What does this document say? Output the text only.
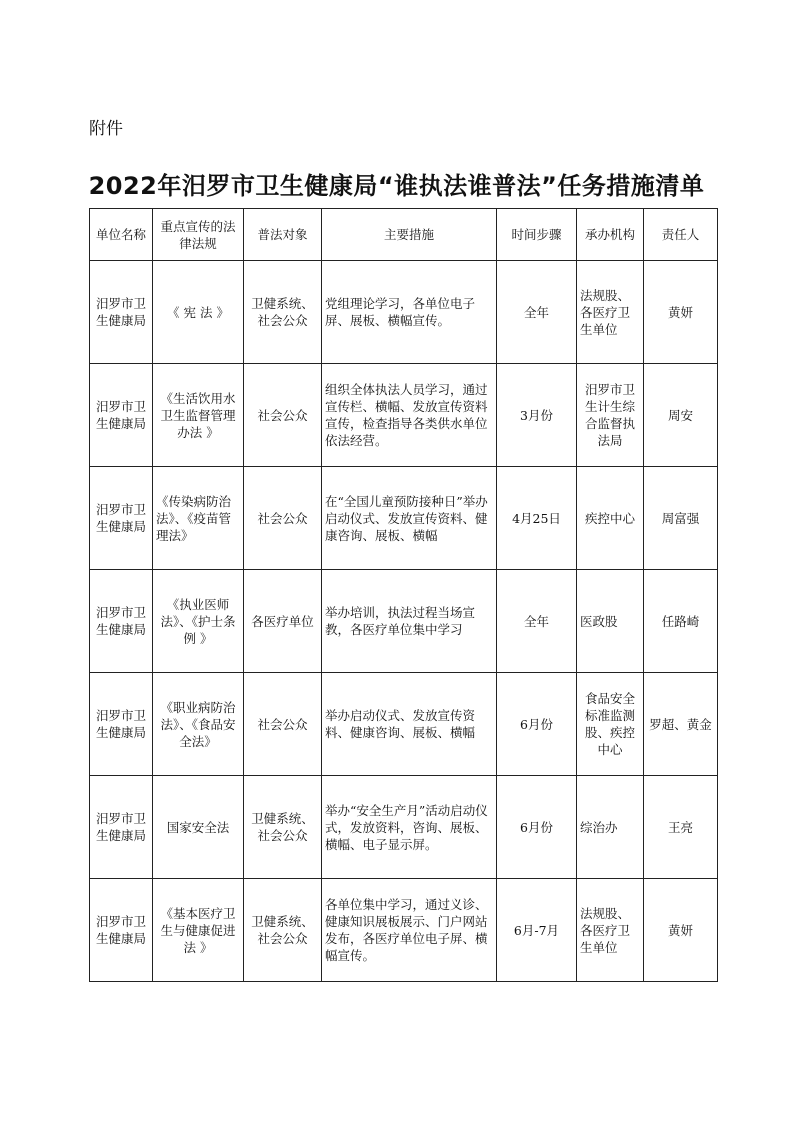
附件
2022年汨罗市卫生健康局“谁执法谁普法”任务措施清单
单位名称	重点宣传的法律法规	普法对象	主要措施	时间步骤	承办机构	责任人
汨罗市卫生健康局	《 宪 法 》	卫健系统、社会公众	党组理论学习，各单位电子屏、展板、横幅宣传。	全年	法规股、各医疗卫生单位	黄妍
汨罗市卫生健康局	《生活饮用水卫生监督管理办法 》	社会公众	组织全体执法人员学习，通过宣传栏、横幅、发放宣传资料宣传，检查指导各类供水单位依法经营。	3月份	汨罗市卫生计生综合监督执法局	周安
汨罗市卫生健康局	《传染病防治法》、《疫苗管理法》	社会公众	在“全国儿童预防接种日”举办启动仪式、发放宣传资料、健康咨询、展板、横幅	4月25日	疾控中心	周富强
汨罗市卫生健康局	《执业医师法》、《护士条例 》	各医疗单位	举办培训，执法过程当场宣教，各医疗单位集中学习	全年	医政股	任路崎
汨罗市卫生健康局	《职业病防治法》、《食品安全法》	社会公众	举办启动仪式、发放宣传资料、健康咨询、展板、横幅	6月份	食品安全标准监测股、疾控中心	罗超、黄金
汨罗市卫生健康局	国家安全法	卫健系统、社会公众	举办“安全生产月”活动启动仪式，发放资料，咨询、展板、横幅、电子显示屏。	6月份	综治办	王亮
汨罗市卫生健康局	《基本医疗卫生与健康促进法 》	卫健系统、社会公众	各单位集中学习，通过义诊、健康知识展板展示、门户网站发布，各医疗单位电子屏、横幅宣传。	6月-7月	法规股、各医疗卫生单位	黄妍
